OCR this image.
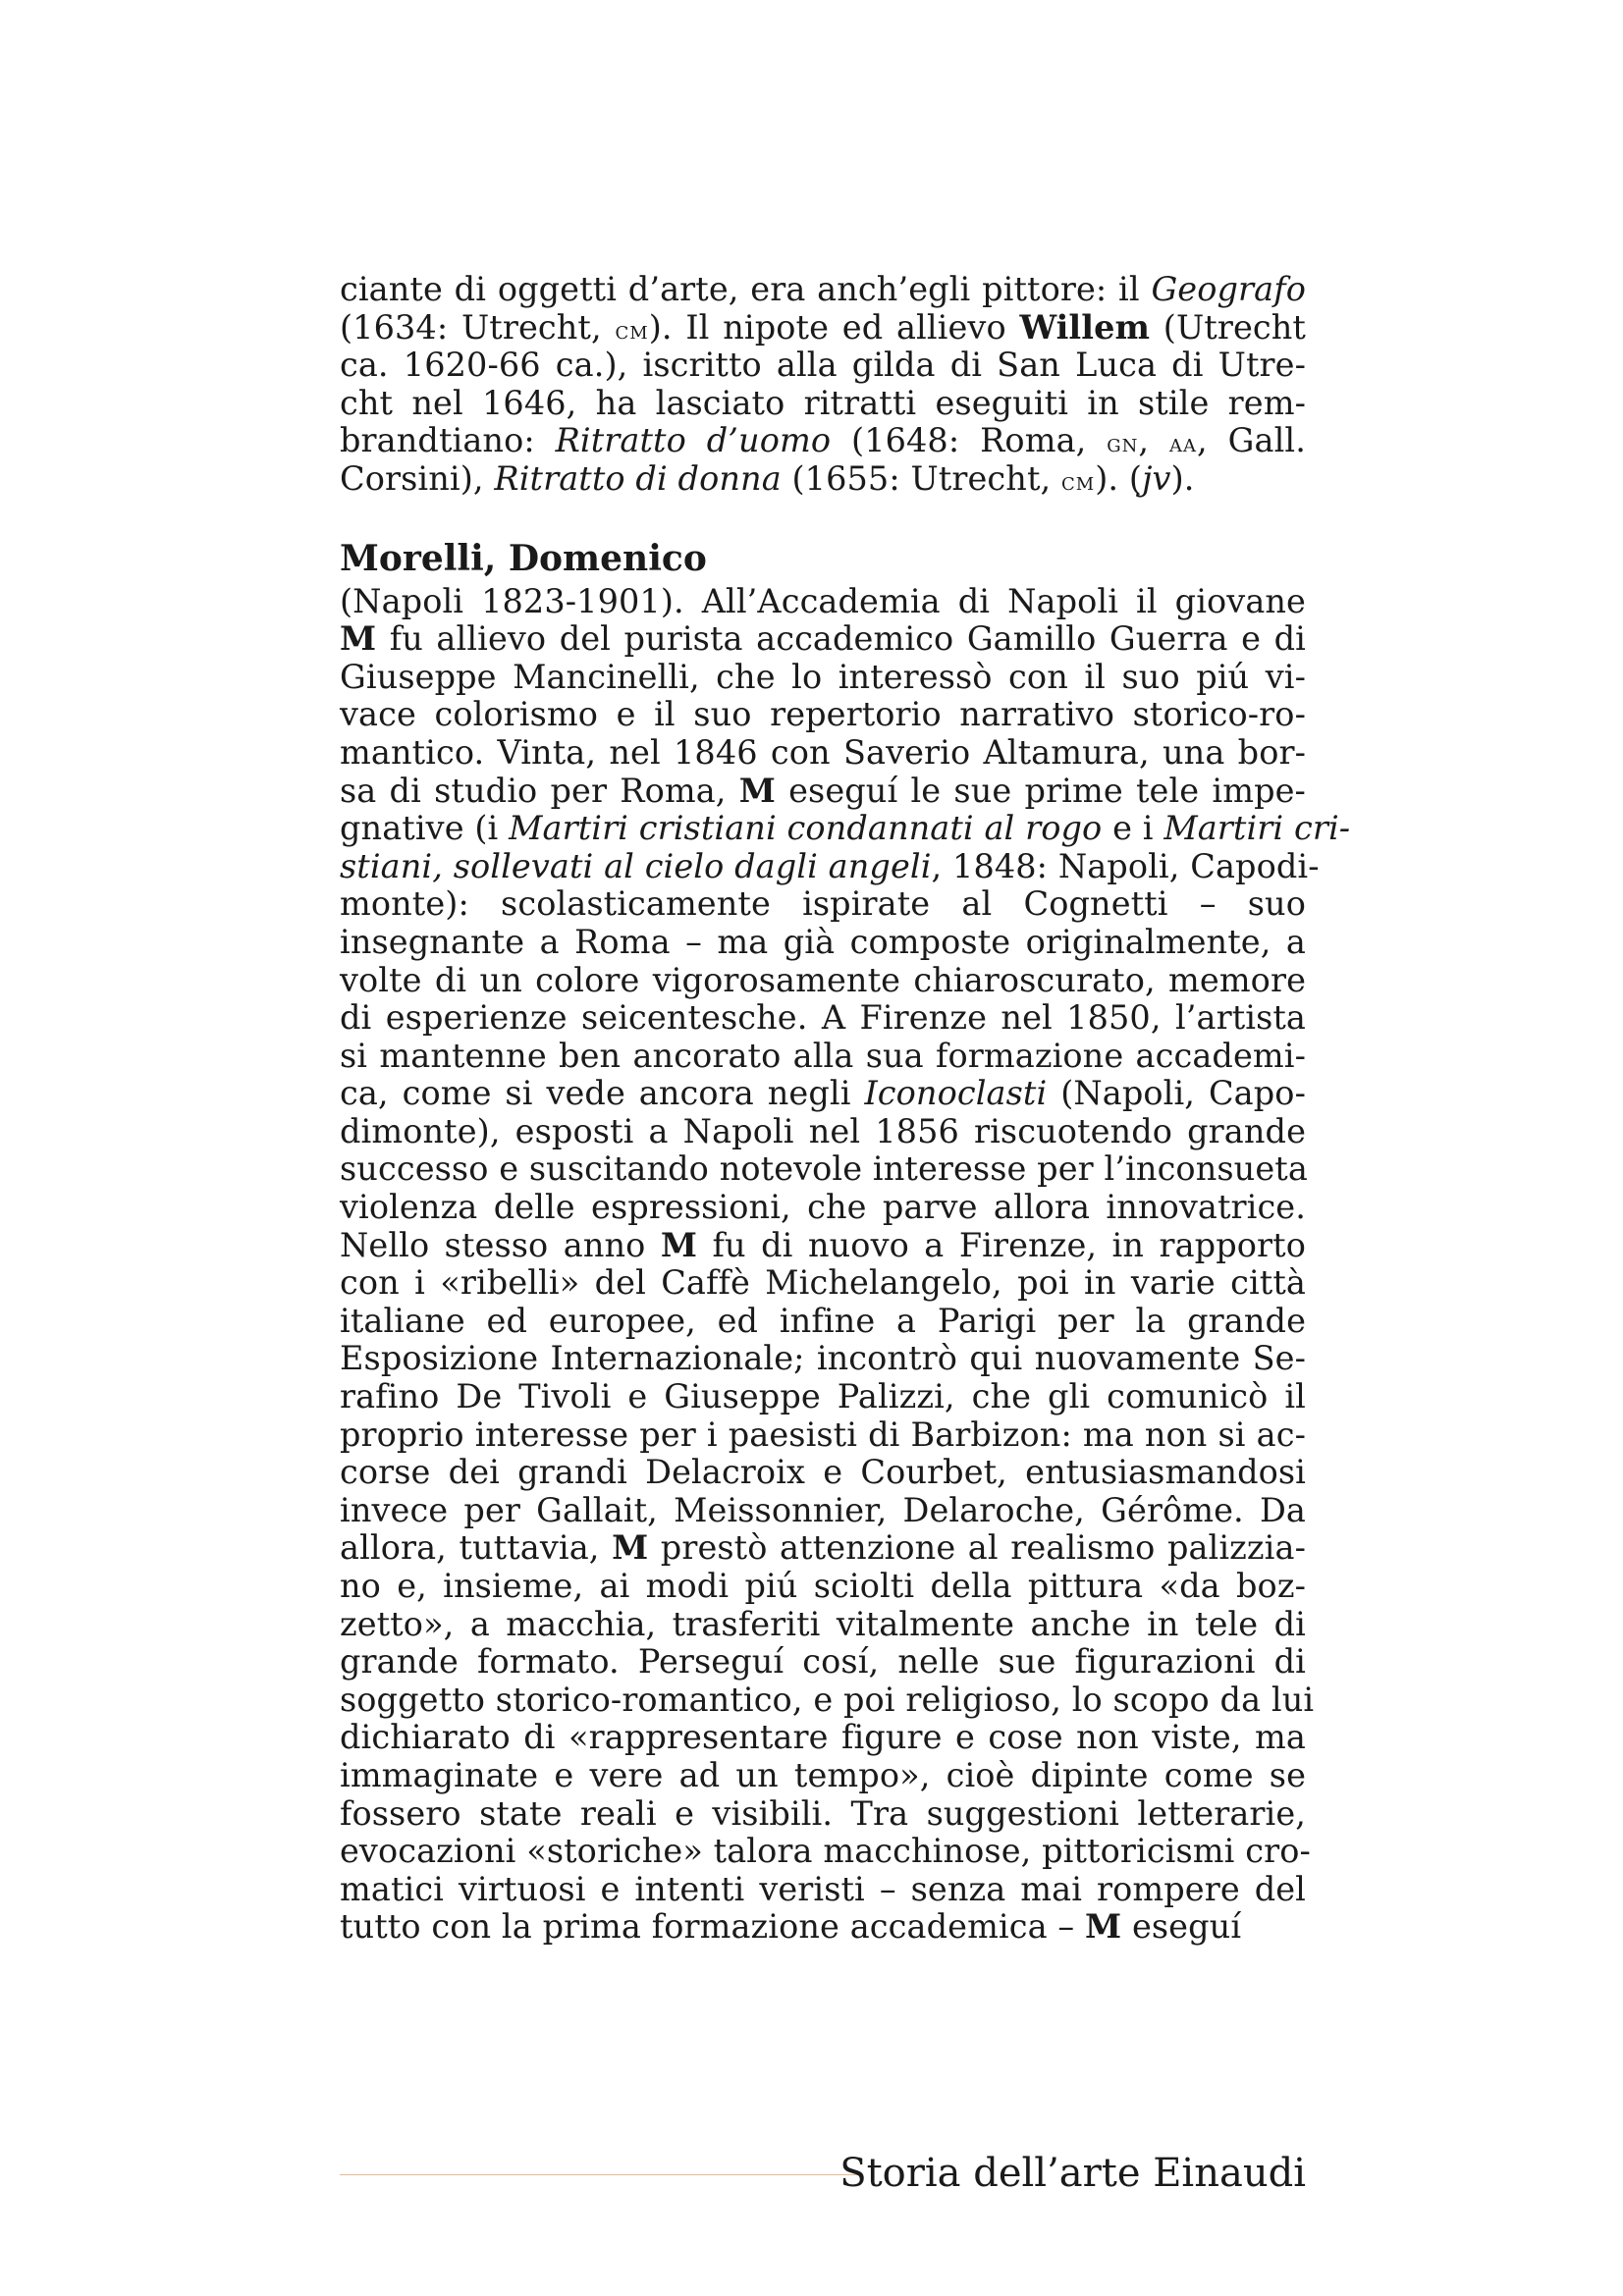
ciante di oggetti d’arte, era anch’egli pittore: il Geografo
(1634: Utrecht, cm). Il nipote ed allievo Willem (Utrecht
ca. 1620-66 ca.), iscritto alla gilda di San Luca di Utre-
cht nel 1646, ha lasciato ritratti eseguiti in stile rem-
brandtiano: Ritratto d’uomo (1648: Roma, gn, aa, Gall.
Corsini), Ritratto di donna (1655: Utrecht, cm). (jv).
Morelli, Domenico
(Napoli 1823-1901). All’Accademia di Napoli il giovane
M fu allievo del purista accademico Gamillo Guerra e di
Giuseppe Mancinelli, che lo interessò con il suo piú vi-
vace colorismo e il suo repertorio narrativo storico-ro-
mantico. Vinta, nel 1846 con Saverio Altamura, una bor-
sa di studio per Roma, M eseguí le sue prime tele impe-
gnative (i Martiri cristiani condannati al rogo e i Martiri cri-
stiani, sollevati al cielo dagli angeli, 1848: Napoli, Capodi-
monte): scolasticamente ispirate al Cognetti – suo
insegnante a Roma – ma già composte originalmente, a
volte di un colore vigorosamente chiaroscurato, memore
di esperienze seicentesche. A Firenze nel 1850, l’artista
si mantenne ben ancorato alla sua formazione accademi-
ca, come si vede ancora negli Iconoclasti (Napoli, Capo-
dimonte), esposti a Napoli nel 1856 riscuotendo grande
successo e suscitando notevole interesse per l’inconsueta
violenza delle espressioni, che parve allora innovatrice.
Nello stesso anno M fu di nuovo a Firenze, in rapporto
con i «ribelli» del Caffè Michelangelo, poi in varie città
italiane ed europee, ed infine a Parigi per la grande
Esposizione Internazionale; incontrò qui nuovamente Se-
rafino De Tivoli e Giuseppe Palizzi, che gli comunicò il
proprio interesse per i paesisti di Barbizon: ma non si ac-
corse dei grandi Delacroix e Courbet, entusiasmandosi
invece per Gallait, Meissonnier, Delaroche, Gérôme. Da
allora, tuttavia, M prestò attenzione al realismo palizzia-
no e, insieme, ai modi piú sciolti della pittura «da boz-
zetto», a macchia, trasferiti vitalmente anche in tele di
grande formato. Perseguí cosí, nelle sue figurazioni di
soggetto storico-romantico, e poi religioso, lo scopo da lui
dichiarato di «rappresentare figure e cose non viste, ma
immaginate e vere ad un tempo», cioè dipinte come se
fossero state reali e visibili. Tra suggestioni letterarie,
evocazioni «storiche» talora macchinose, pittoricismi cro-
matici virtuosi e intenti veristi – senza mai rompere del
tutto con la prima formazione accademica – M eseguí
Storia dell’arte Einaudi
